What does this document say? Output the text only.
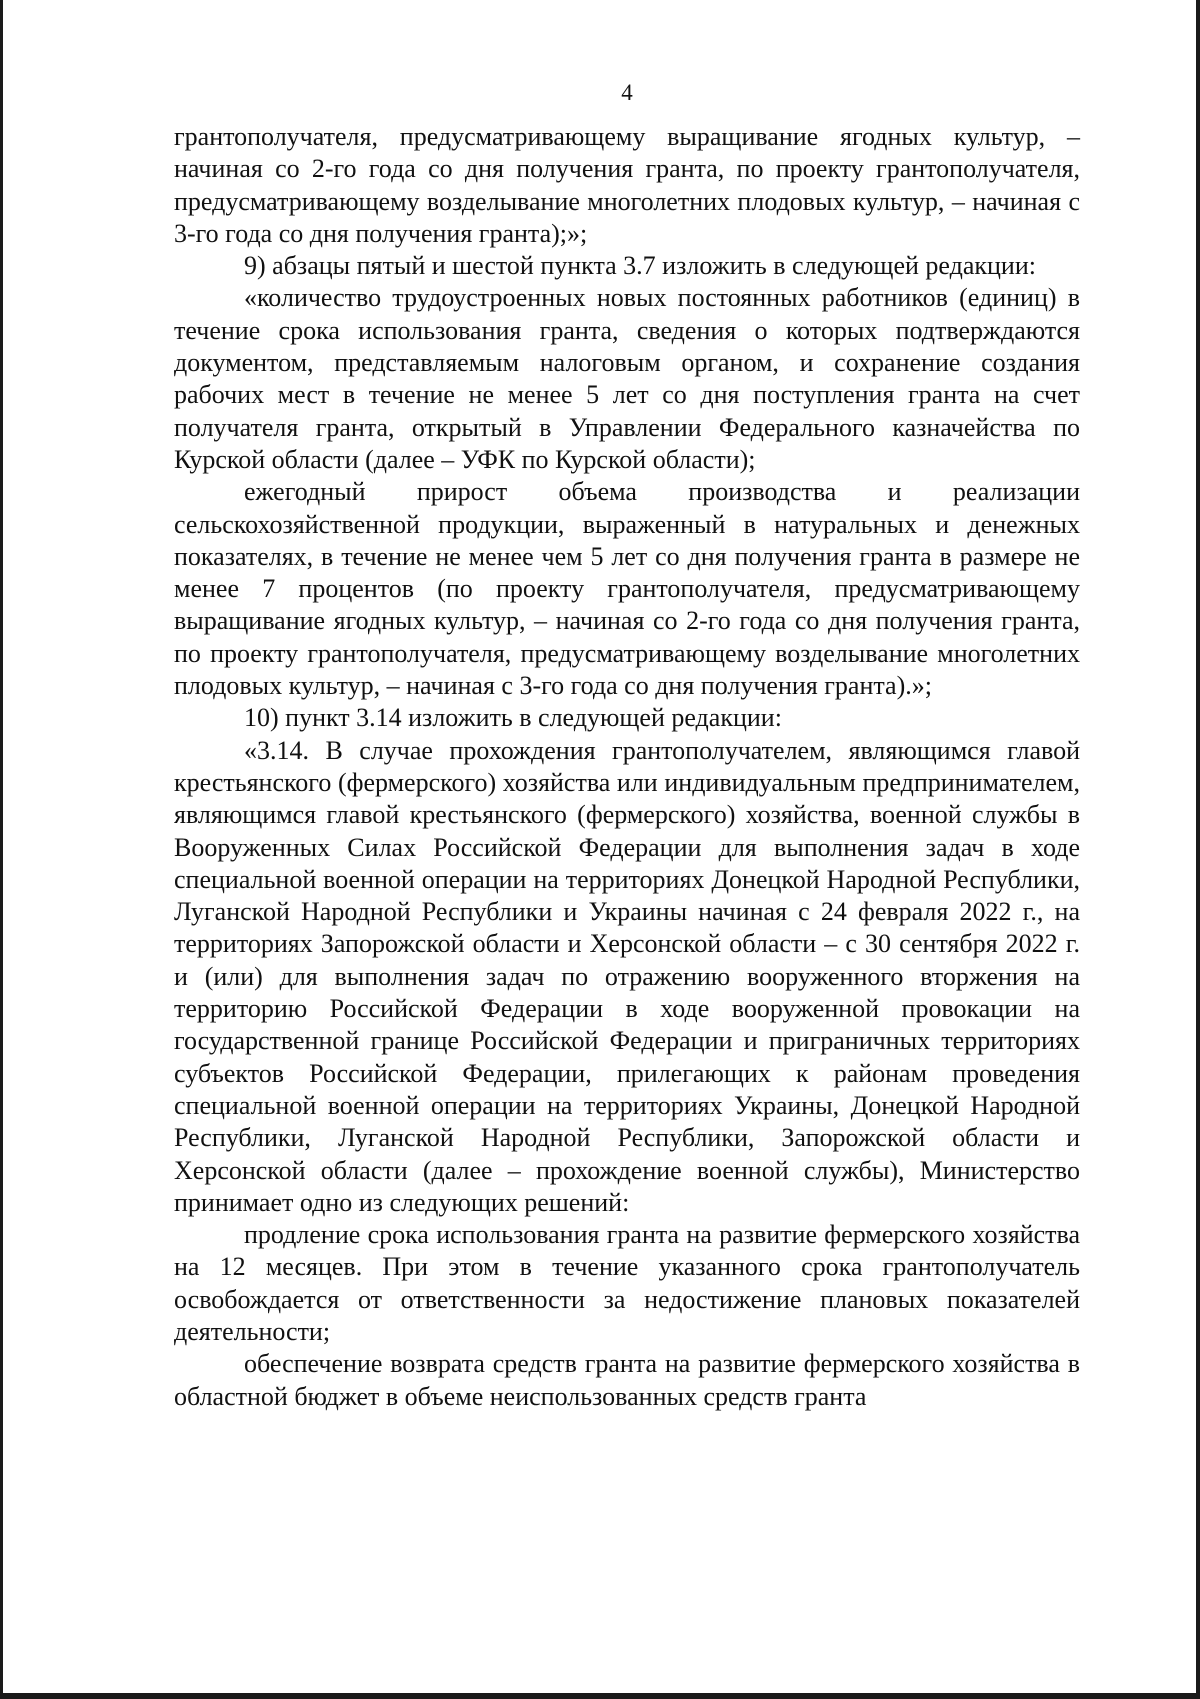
4

грантополучателя, предусматривающему выращивание ягодных культур, – начиная со 2-го года со дня получения гранта, по проекту грантополучателя, предусматривающему возделывание многолетних плодовых культур, – начиная с 3-го года со дня получения гранта);»;

9) абзацы пятый и шестой пункта 3.7 изложить в следующей редакции:

«количество трудоустроенных новых постоянных работников (единиц) в течение срока использования гранта, сведения о которых подтверждаются документом, представляемым налоговым органом, и сохранение создания рабочих мест в течение не менее 5 лет со дня поступления гранта на счет получателя гранта, открытый в Управлении Федерального казначейства по Курской области (далее – УФК по Курской области);

ежегодный прирост объема производства и реализации сельскохозяйственной продукции, выраженный в натуральных и денежных показателях, в течение не менее чем 5 лет со дня получения гранта в размере не менее 7 процентов (по проекту грантополучателя, предусматривающему выращивание ягодных культур, – начиная со 2-го года со дня получения гранта, по проекту грантополучателя, предусматривающему возделывание многолетних плодовых культур, – начиная с 3-го года со дня получения гранта).»;

10) пункт 3.14 изложить в следующей редакции:

«3.14. В случае прохождения грантополучателем, являющимся главой крестьянского (фермерского) хозяйства или индивидуальным предпринимателем, являющимся главой крестьянского (фермерского) хозяйства, военной службы в Вооруженных Силах Российской Федерации для выполнения задач в ходе специальной военной операции на территориях Донецкой Народной Республики, Луганской Народной Республики и Украины начиная с 24 февраля 2022 г., на территориях Запорожской области и Херсонской области – с 30 сентября 2022 г. и (или) для выполнения задач по отражению вооруженного вторжения на территорию Российской Федерации в ходе вооруженной провокации на государственной границе Российской Федерации и приграничных территориях субъектов Российской Федерации, прилегающих к районам проведения специальной военной операции на территориях Украины, Донецкой Народной Республики, Луганской Народной Республики, Запорожской области и Херсонской области (далее – прохождение военной службы), Министерство принимает одно из следующих решений:

продление срока использования гранта на развитие фермерского хозяйства на 12 месяцев. При этом в течение указанного срока грантополучатель освобождается от ответственности за недостижение плановых показателей деятельности;

обеспечение возврата средств гранта на развитие фермерского хозяйства в областной бюджет в объеме неиспользованных средств гранта
